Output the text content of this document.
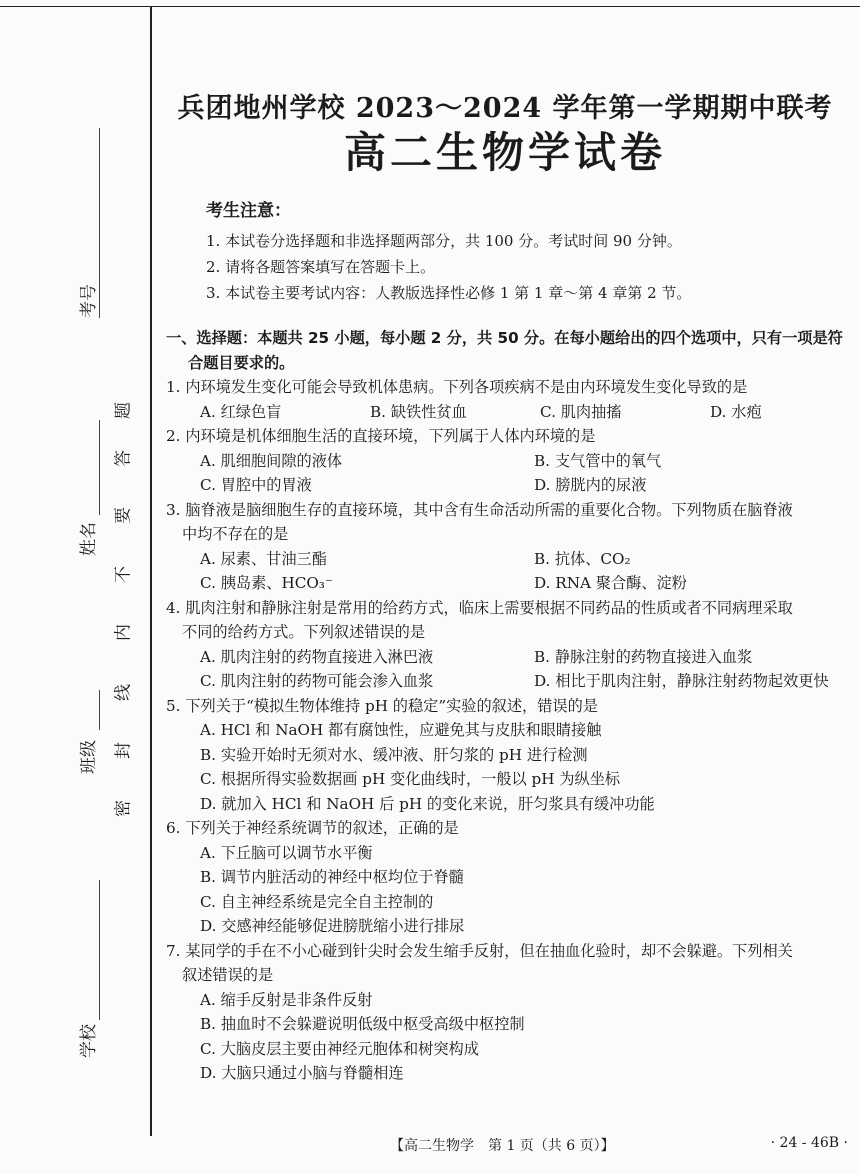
考号
姓名
班级
学校
题
答
要
不
内
线
封
密
兵团地州学校 2023～2024 学年第一学期期中联考
高二生物学试卷
考生注意：
1. 本试卷分选择题和非选择题两部分，共 100 分。考试时间 90 分钟。
2. 请将各题答案填写在答题卡上。
3. 本试卷主要考试内容：人教版选择性必修 1 第 1 章～第 4 章第 2 节。
一、选择题：本题共 25 小题，每小题 2 分，共 50 分。在每小题给出的四个选项中，只有一项是符
合题目要求的。
1. 内环境发生变化可能会导致机体患病。下列各项疾病不是由内环境发生变化导致的是
A. 红绿色盲	B. 缺铁性贫血	C. 肌肉抽搐	D. 水疱
2. 内环境是机体细胞生活的直接环境，下列属于人体内环境的是
A. 肌细胞间隙的液体	B. 支气管中的氧气
C. 胃腔中的胃液	D. 膀胱内的尿液
3. 脑脊液是脑细胞生存的直接环境，其中含有生命活动所需的重要化合物。下列物质在脑脊液
中均不存在的是
A. 尿素、甘油三酯	B. 抗体、CO₂
C. 胰岛素、HCO₃⁻	D. RNA 聚合酶、淀粉
4. 肌肉注射和静脉注射是常用的给药方式，临床上需要根据不同药品的性质或者不同病理采取
不同的给药方式。下列叙述错误的是
A. 肌肉注射的药物直接进入淋巴液	B. 静脉注射的药物直接进入血浆
C. 肌肉注射的药物可能会渗入血浆	D. 相比于肌肉注射，静脉注射药物起效更快
5. 下列关于“模拟生物体维持 pH 的稳定”实验的叙述，错误的是
A. HCl 和 NaOH 都有腐蚀性，应避免其与皮肤和眼睛接触
B. 实验开始时无须对水、缓冲液、肝匀浆的 pH 进行检测
C. 根据所得实验数据画 pH 变化曲线时，一般以 pH 为纵坐标
D. 就加入 HCl 和 NaOH 后 pH 的变化来说，肝匀浆具有缓冲功能
6. 下列关于神经系统调节的叙述，正确的是
A. 下丘脑可以调节水平衡
B. 调节内脏活动的神经中枢均位于脊髓
C. 自主神经系统是完全自主控制的
D. 交感神经能够促进膀胱缩小进行排尿
7. 某同学的手在不小心碰到针尖时会发生缩手反射，但在抽血化验时，却不会躲避。下列相关
叙述错误的是
A. 缩手反射是非条件反射
B. 抽血时不会躲避说明低级中枢受高级中枢控制
C. 大脑皮层主要由神经元胞体和树突构成
D. 大脑只通过小脑与脊髓相连
【高二生物学　第 1 页（共 6 页）】	· 24 - 46B ·
